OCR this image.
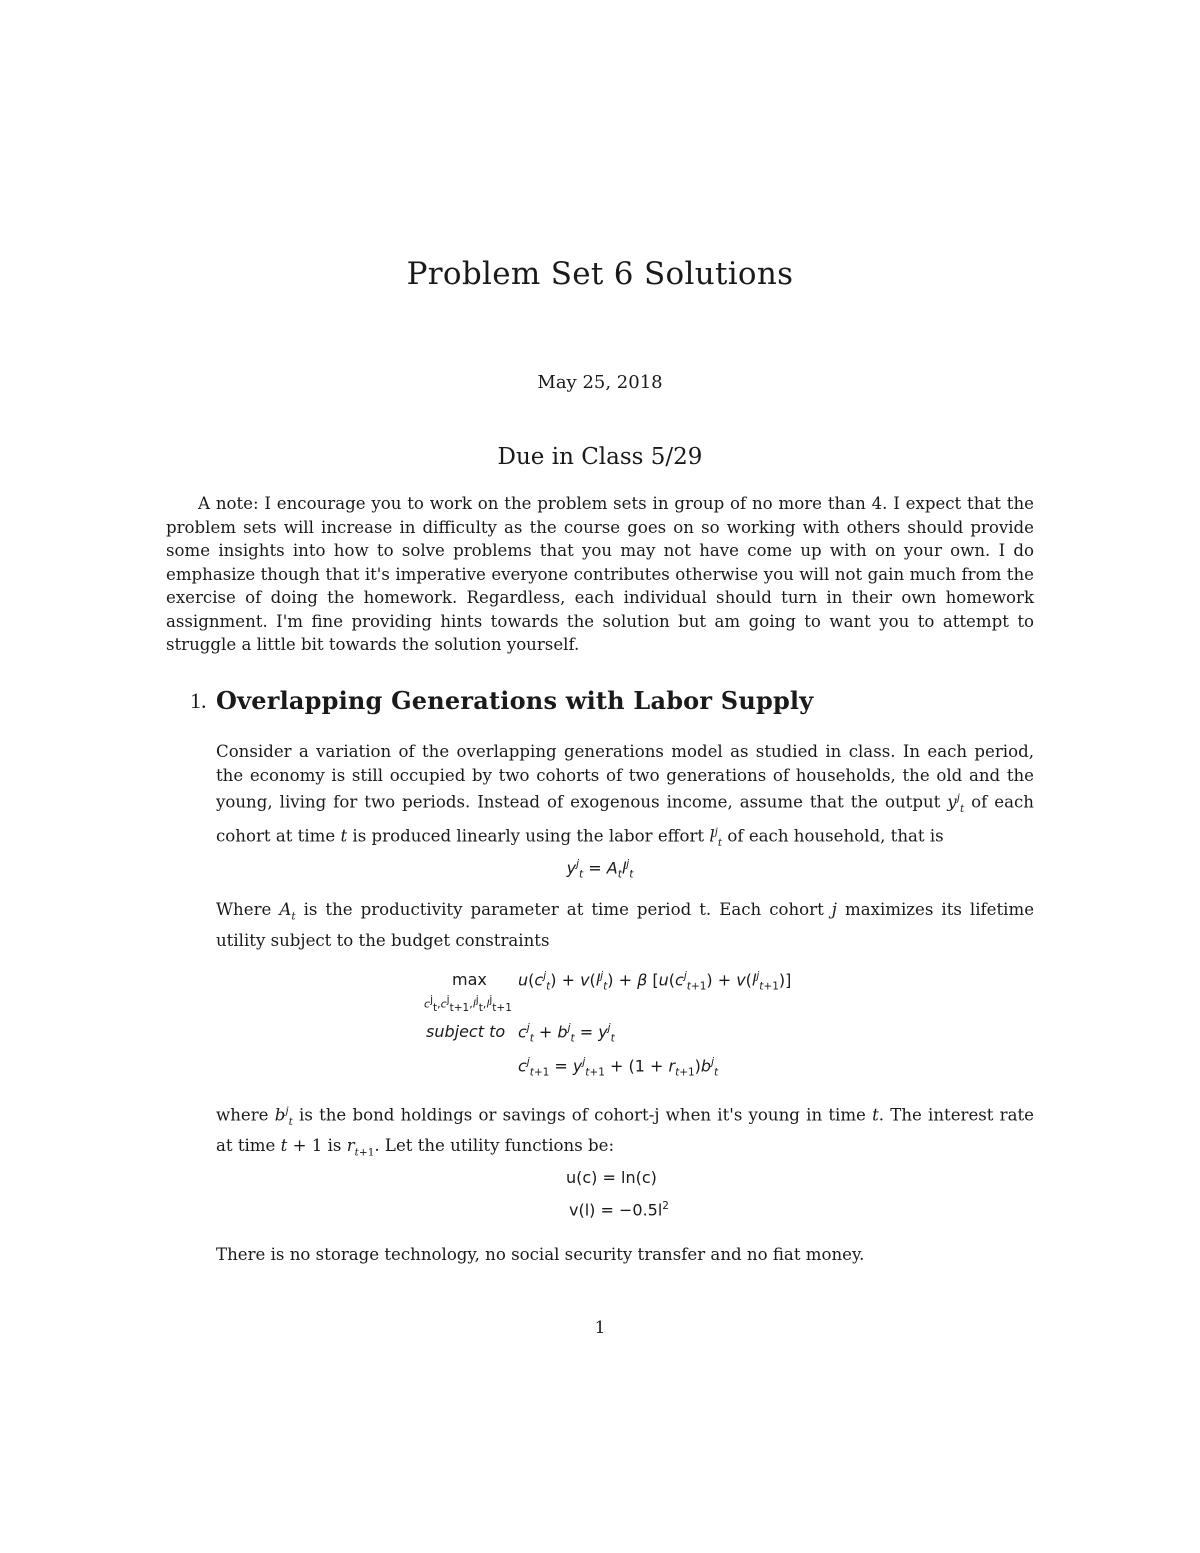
Problem Set 6 Solutions
May 25, 2018
Due in Class 5/29

A note: I encourage you to work on the problem sets in group of no more than 4. I expect that the problem sets will increase in difficulty as the course goes on so working with others should provide some insights into how to solve problems that you may not have come up with on your own. I do emphasize though that it's imperative everyone contributes otherwise you will not gain much from the exercise of doing the homework. Regardless, each individual should turn in their own homework assignment. I'm fine providing hints towards the solution but am going to want you to attempt to struggle a little bit towards the solution yourself.

1. Overlapping Generations with Labor Supply

Consider a variation of the overlapping generations model as studied in class. In each period, the economy is still occupied by two cohorts of two generations of households, the old and the young, living for two periods. Instead of exogenous income, assume that the output $y^j_t$ of each cohort at time t is produced linearly using the labor effort $l^j_t$ of each household, that is

$y^j_t = A_tl^j_t$

Where $A_t$ is the productivity parameter at time period t. Each cohort j maximizes its lifetime utility subject to the budget constraints

max
$c^j_t,c^j_{t+1},l^j_t,l^j_{t+1}$
$u(c^j_t) + v(l^j_t) + \beta$ $[u(c^j_{t+1}) + v(l^j_{t+1})]$
subject to $c^j_t + b^j_t = y^j_t$
$c^j_{t+1} = y^j_{t+1} + (1 + r_{t+1})b^j_t$

where $b^j_t$ is the bond holdings or savings of cohort-j when it's young in time t. The interest rate at time t + 1 is $r_{t+1}$. Let the utility functions be:

u(c) = ln(c)
$v(l) = -0.5l^2$

There is no storage technology, no social security transfer and no fiat money.

1
